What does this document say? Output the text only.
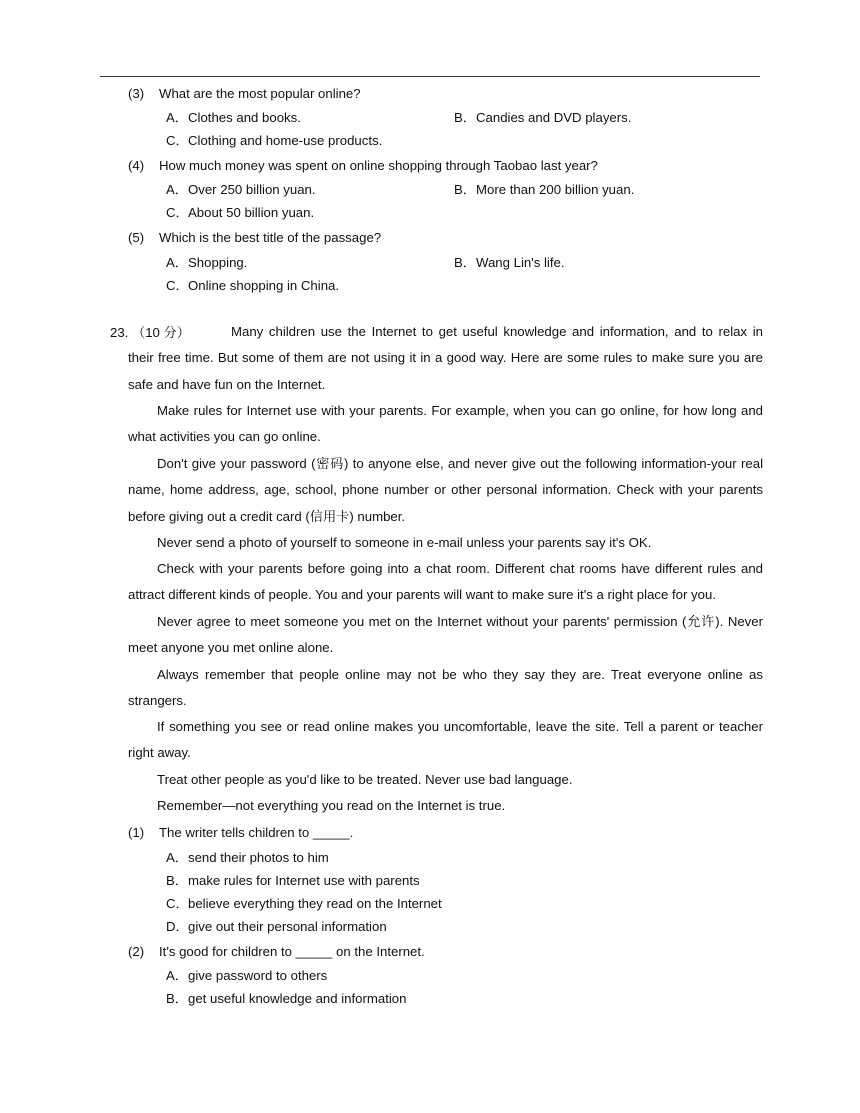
(3) What are the most popular online?
A．Clothes and books.	B．Candies and DVD players.
C．Clothing and home-use products.
(4) How much money was spent on online shopping through Taobao last year?
A．Over 250 billion yuan.	B．More than 200 billion yuan.
C．About 50 billion yuan.
(5) Which is the best title of the passage?
A．Shopping.	B．Wang Lin's life.
C．Online shopping in China.
23. （10 分）	Many children use the Internet to get useful knowledge and information, and to relax in their free time. But some of them are not using it in a good way. Here are some rules to make sure you are safe and have fun on the Internet.
Make rules for Internet use with your parents. For example, when you can go online, for how long and what activities you can go online.
Don't give your password (密码) to anyone else, and never give out the following information-your real name, home address, age, school, phone number or other personal information. Check with your parents before giving out a credit card (信用卡) number.
Never send a photo of yourself to someone in e-mail unless your parents say it's OK.
Check with your parents before going into a chat room. Different chat rooms have different rules and attract different kinds of people. You and your parents will want to make sure it's a right place for you.
Never agree to meet someone you met on the Internet without your parents' permission (允许). Never meet anyone you met online alone.
Always remember that people online may not be who they say they are. Treat everyone online as strangers.
If something you see or read online makes you uncomfortable, leave the site. Tell a parent or teacher right away.
Treat other people as you'd like to be treated. Never use bad language.
Remember—not everything you read on the Internet is true.
(1) The writer tells children to _____.
A．send their photos to him
B．make rules for Internet use with parents
C．believe everything they read on the Internet
D．give out their personal information
(2) It's good for children to _____ on the Internet.
A．give password to others
B．get useful knowledge and information
